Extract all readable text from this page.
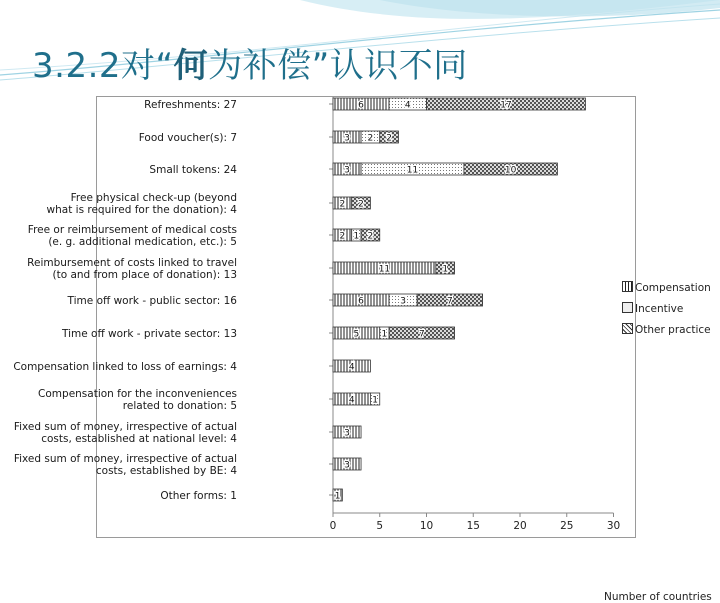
3.2.2对“何为补偿”认识不同
0	5	10	15	20	25	30
6	4	17
3 2 2
3	11	10
2 2
2 1 2
11	1
6	3	7
5 1	7
4
4 1
3
3
1
Refreshments: 27
Food voucher(s): 7
Small tokens: 24
Free physical check-up (beyond
what is required for the donation): 4
Free or reimbursement of medical costs
(e. g. additional medication, etc.): 5
Reimbursement of costs linked to travel
(to and from place of donation): 13
Time off work - public sector: 16
Time off work - private sector: 13
Compensation linked to loss of earnings: 4
Compensation for the inconveniences
related to donation: 5
Fixed sum of money, irrespective of actual
costs, established at national level: 4
Fixed sum of money, irrespective of actual
costs, established by BE: 4
Other forms: 1
Compensation
Incentive
Other practice
Number of countries
